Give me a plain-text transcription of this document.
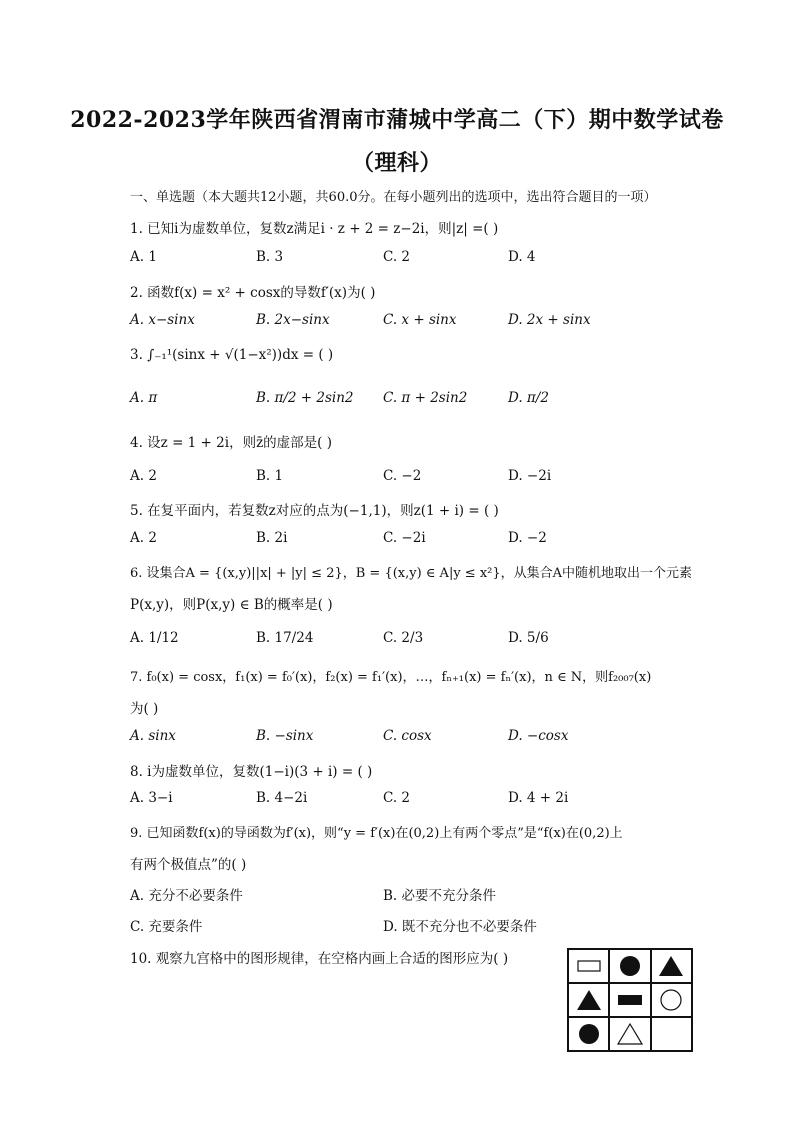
2022-2023学年陕西省渭南市蒲城中学高二（下）期中数学试卷
（理科）
一、单选题（本大题共12小题，共60.0分。在每小题列出的选项中，选出符合题目的一项）
1. 已知i为虚数单位，复数z满足i · z + 2 = z−2i，则|z| =( )
A. 1	B. 3	C. 2	D. 4
2. 函数f(x) = x² + cosx的导数f′(x)为( )
A. x−sinx	B. 2x−sinx	C. x + sinx	D. 2x + sinx
3. ∫₋₁¹(sinx + √(1−x²))dx = ( )
A. π	B. π/2 + 2sin2 C. π + 2sin2	D. π/2
4. 设z = 1 + 2i，则z̄的虚部是( )
A. 2	B. 1	C. −2	D. −2i
5. 在复平面内，若复数z对应的点为(−1,1)，则z(1 + i) = ( )
A. 2	B. 2i	C. −2i	D. −2
6. 设集合A = {(x,y)||x| + |y| ≤ 2}，B = {(x,y) ∈ A|y ≤ x²}，从集合A中随机地取出一个元素
P(x,y)，则P(x,y) ∈ B的概率是( )
A. 1/12	B. 17/24	C. 2/3	D. 5/6
7. f₀(x) = cosx，f₁(x) = f₀′(x)，f₂(x) = f₁′(x)，…，fₙ₊₁(x) = fₙ′(x)，n ∈ N，则f₂₀₀₇(x)
为( )
A. sinx	B. −sinx	C. cosx	D. −cosx
8. i为虚数单位，复数(1−i)(3 + i) = ( )
A. 3−i	B. 4−2i	C. 2	D. 4 + 2i
9. 已知函数f(x)的导函数为f′(x)，则“y = f′(x)在(0,2)上有两个零点”是“f(x)在(0,2)上
有两个极值点”的( )
A. 充分不必要条件	B. 必要不充分条件
C. 充要条件	D. 既不充分也不必要条件
10. 观察九宫格中的图形规律，在空格内画上合适的图形应为( )
